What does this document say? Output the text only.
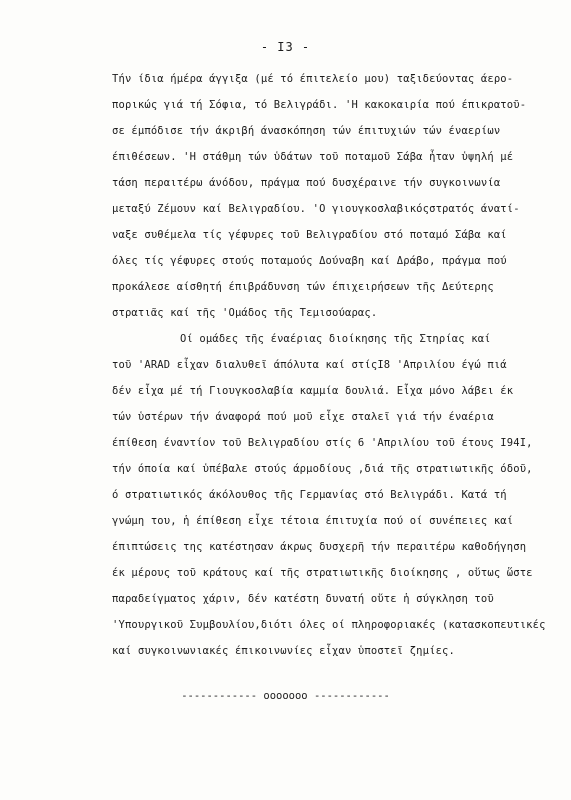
- I3 -
Τήν ίδια ήμέρα άγγιξα (μέ τό έπιτελείο μου) ταξιδεύοντας άερο-
πορικώς γιά τή Σόφια, τό Βελιγράδι. 'Η κακοκαιρία πού έπικρατοῦ-
σε έμπόδισε τήν άκριβή άνασκόπηση τών έπιτυχιών τών έναερίων
έπιθέσεων. 'Η στάθμη τών ὑδάτων τοῦ ποταμοῦ Σάβα ἦταν ὑψηλή μέ
τάση περαιτέρω άνόδου, πράγμα πού δυσχέραινε τήν συγκοινωνία
μεταξύ Ζέμουν καί Βελιγραδίου. 'Ο γιουγκοσλαβικόςστρατός άνατί-
ναξε συθέμελα τίς γέφυρες τοῦ Βελιγραδίου στό ποταμό Σάβα καί
όλες τίς γέφυρες στούς ποταμούς Δούναβη καί Δράβο, πράγμα πού
προκάλεσε αίσθητή έπιβράδυνση τών έπιχειρήσεων τῆς Δεύτερης
στρατιᾶς καί τῆς 'Ομάδος τῆς Τεμισούαρας.
Οί ομάδες τῆς έναέριας διοίκησης τῆς Στηρίας καί
τοῦ 'ARAD εἶχαν διαλυθεῖ άπόλυτα καί στίςI8 'Απριλίου έγώ πιά
δέν εἶχα μέ τή Γιουγκοσλαβία καμμία δουλιά. Εἶχα μόνο λάβει έκ
τών ὑστέρων τήν άναφορά πού μοῦ εἶχε σταλεῖ γιά τήν έναέρια
έπίθεση έναντίον τοῦ Βελιγραδίου στίς 6 'Απριλίου τοῦ έτους I94I,
τήν όποία καί ὑπέβαλε στούς άρμοδίους ,διά τῆς στρατιωτικῆς όδοῦ,
ό στρατιωτικός άκόλουθος τῆς Γερμανίας στό Βελιγράδι. Κατά τή
γνώμη του, ἡ έπίθεση εἶχε τέτοια έπιτυχία πού οί συνέπειες καί
έπιπτώσεις της κατέστησαν άκρως δυσχερῆ τήν περαιτέρω καθοδήγηση
έκ μέρους τοῦ κράτους καί τῆς στρατιωτικῆς διοίκησης , οὕτως ὥστε
παραδείγματος χάριν, δέν κατέστη δυνατή οὔτε ἡ σύγκληση τοῦ
'Υπουργικοῦ Συμβουλίου,διότι όλες οί πληροφοριακές (κατασκοπευτικές
καί συγκοινωνιακές έπικοινωνίες εἶχαν ὑποστεῖ ζημίες.
------------ ooooooo ------------
